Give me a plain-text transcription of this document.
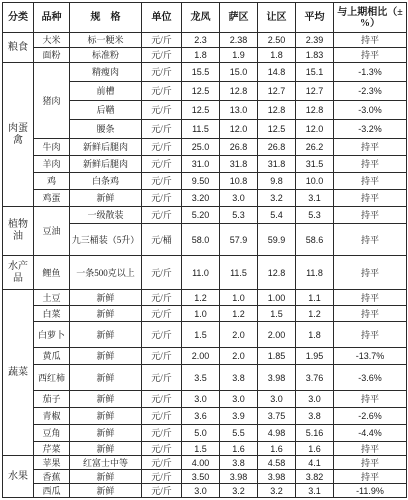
分类	品种	规　格	单位	龙凤	萨区	让区	平均	与上期相比（±%）
粮食	大米	标一粳米	元/斤	2.3	2.38	2.50	2.39	持平
	面粉	标准粉	元/斤	1.8	1.9	1.8	1.83	持平
肉蛋禽	猪肉	精瘦肉	元/斤	15.5	15.0	14.8	15.1	-1.3%
		前槽	元/斤	12.5	12.8	12.7	12.7	-2.3%
		后鞧	元/斤	12.5	13.0	12.8	12.8	-3.0%
		腰条	元/斤	11.5	12.0	12.5	12.0	-3.2%
	牛肉	新鲜后腿肉	元/斤	25.0	26.8	26.8	26.2	持平
	羊肉	新鲜后腿肉	元/斤	31.0	31.8	31.8	31.5	持平
	鸡	白条鸡	元/斤	9.50	10.8	9.8	10.0	持平
	鸡蛋	新鲜	元/斤	3.20	3.0	3.2	3.1	持平
植物油	豆油	一级散装	元/斤	5.20	5.3	5.4	5.3	持平
		九三桶装（5升）	元/桶	58.0	57.9	59.9	58.6	持平
水产品	鲤鱼	一条500克以上	元/斤	11.0	11.5	12.8	11.8	持平
蔬菜	土豆	新鲜	元/斤	1.2	1.0	1.00	1.1	持平
	白菜	新鲜	元/斤	1.0	1.2	1.5	1.2	持平
	白萝卜	新鲜	元/斤	1.5	2.0	2.00	1.8	持平
	黄瓜	新鲜	元/斤	2.00	2.0	1.85	1.95	-13.7%
	西红柿	新鲜	元/斤	3.5	3.8	3.98	3.76	-3.6%
	茄子	新鲜	元/斤	3.0	3.0	3.0	3.0	持平
	青椒	新鲜	元/斤	3.6	3.9	3.75	3.8	-2.6%
	豆角	新鲜	元/斤	5.0	5.5	4.98	5.16	-4.4%
	芹菜	新鲜	元/斤	1.5	1.6	1.6	1.6	持平
水果	苹果	红富士中等	元/斤	4.00	3.8	4.58	4.1	持平
	香蕉	新鲜	元/斤	3.50	3.98	3.98	3.82	持平
	西瓜	新鲜	元/斤	3.0	3.2	3.2	3.1	-11.9%
